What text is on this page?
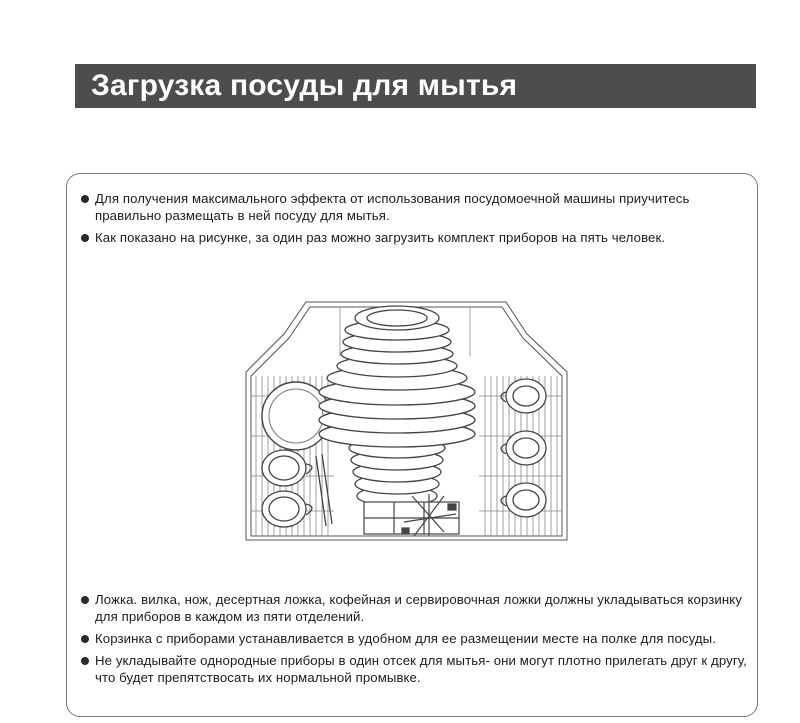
Загрузка посуды для мытья
Для получения максимального эффекта от использования посудомоечной машины приучитесь правильно размещать в ней посуду для мытья.
Как показано на рисунке, за один раз можно загрузить комплект приборов на пять человек.
Ложка. вилка, нож, десертная ложка, кофейная и сервировочная ложки должны укладываться корзинку для приборов в каждом из пяти отделений.
Корзинка с приборами устанавливается в удобном для ее размещении месте на полке для посуды.
Не укладывайте однородные приборы в один отсек для мытья- они могут плотно прилегать друг к другу, что будет препятствосать их нормальной промывке.
